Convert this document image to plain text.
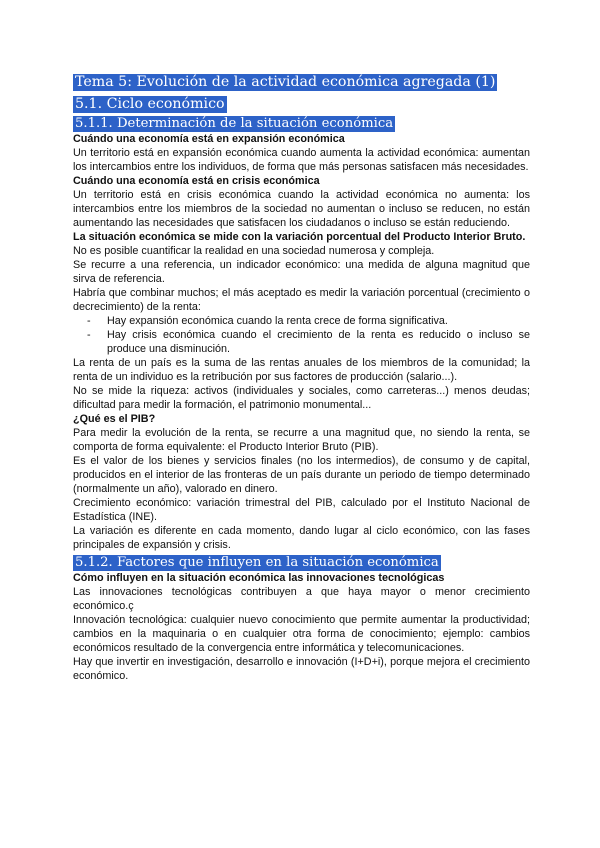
Tema 5: Evolución de la actividad económica agregada (1)
5.1. Ciclo económico
5.1.1. Determinación de la situación económica
Cuándo una economía está en expansión económica
Un territorio está en expansión económica cuando aumenta la actividad económica: aumentan los intercambios entre los individuos, de forma que más personas satisfacen más necesidades.
Cuándo una economía está en crisis económica
Un territorio está en crisis económica cuando la actividad económica no aumenta: los intercambios entre los miembros de la sociedad no aumentan o incluso se reducen, no están aumentando las necesidades que satisfacen los ciudadanos o incluso se están reduciendo.
La situación económica se mide con la variación porcentual del Producto Interior Bruto.
No es posible cuantificar la realidad en una sociedad numerosa y compleja.
Se recurre a una referencia, un indicador económico: una medida de alguna magnitud que sirva de referencia.
Habría que combinar muchos; el más aceptado es medir la variación porcentual (crecimiento o decrecimiento) de la renta:
- Hay expansión económica cuando la renta crece de forma significativa.
- Hay crisis económica cuando el crecimiento de la renta es reducido o incluso se produce una disminución.
La renta de un país es la suma de las rentas anuales de los miembros de la comunidad; la renta de un individuo es la retribución por sus factores de producción (salario...).
No se mide la riqueza: activos (individuales y sociales, como carreteras...) menos deudas; dificultad para medir la formación, el patrimonio monumental...
¿Qué es el PIB?
Para medir la evolución de la renta, se recurre a una magnitud que, no siendo la renta, se comporta de forma equivalente: el Producto Interior Bruto (PIB).
Es el valor de los bienes y servicios finales (no los intermedios), de consumo y de capital, producidos en el interior de las fronteras de un país durante un periodo de tiempo determinado (normalmente un año), valorado en dinero.
Crecimiento económico: variación trimestral del PIB, calculado por el Instituto Nacional de Estadística (INE).
La variación es diferente en cada momento, dando lugar al ciclo económico, con las fases principales de expansión y crisis.
5.1.2. Factores que influyen en la situación económica
Cómo influyen en la situación económica las innovaciones tecnológicas
Las innovaciones tecnológicas contribuyen a que haya mayor o menor crecimiento económico.ç
Innovación tecnológica: cualquier nuevo conocimiento que permite aumentar la productividad; cambios en la maquinaria o en cualquier otra forma de conocimiento; ejemplo: cambios económicos resultado de la convergencia entre informática y telecomunicaciones.
Hay que invertir en investigación, desarrollo e innovación (I+D+i), porque mejora el crecimiento económico.
